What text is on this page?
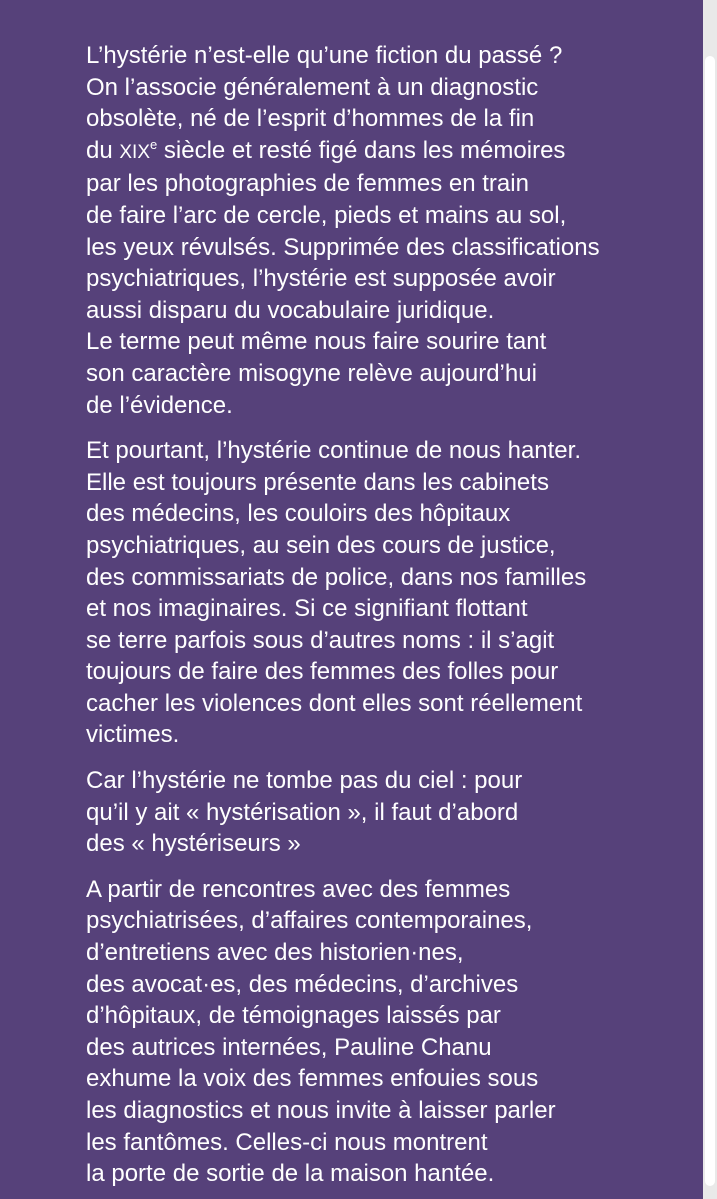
L’hystérie n’est-elle qu’une fiction du passé ?
On l’associe généralement à un diagnostic
obsolète, né de l’esprit d’hommes de la fin
du XIXe siècle et resté figé dans les mémoires
par les photographies de femmes en train
de faire l’arc de cercle, pieds et mains au sol,
les yeux révulsés. Supprimée des classifications
psychiatriques, l’hystérie est supposée avoir
aussi disparu du vocabulaire juridique.
Le terme peut même nous faire sourire tant
son caractère misogyne relève aujourd’hui
de l’évidence.

Et pourtant, l’hystérie continue de nous hanter.
Elle est toujours présente dans les cabinets
des médecins, les couloirs des hôpitaux
psychiatriques, au sein des cours de justice,
des commissariats de police, dans nos familles
et nos imaginaires. Si ce signifiant flottant
se terre parfois sous d’autres noms : il s’agit
toujours de faire des femmes des folles pour
cacher les violences dont elles sont réellement
victimes.

Car l’hystérie ne tombe pas du ciel : pour
qu’il y ait « hystérisation », il faut d’abord
des « hystériseurs »

A partir de rencontres avec des femmes
psychiatrisées, d’affaires contemporaines,
d’entretiens avec des historien·nes,
des avocat·es, des médecins, d’archives
d’hôpitaux, de témoignages laissés par
des autrices internées, Pauline Chanu
exhume la voix des femmes enfouies sous
les diagnostics et nous invite à laisser parler
les fantômes. Celles-ci nous montrent
la porte de sortie de la maison hantée.
